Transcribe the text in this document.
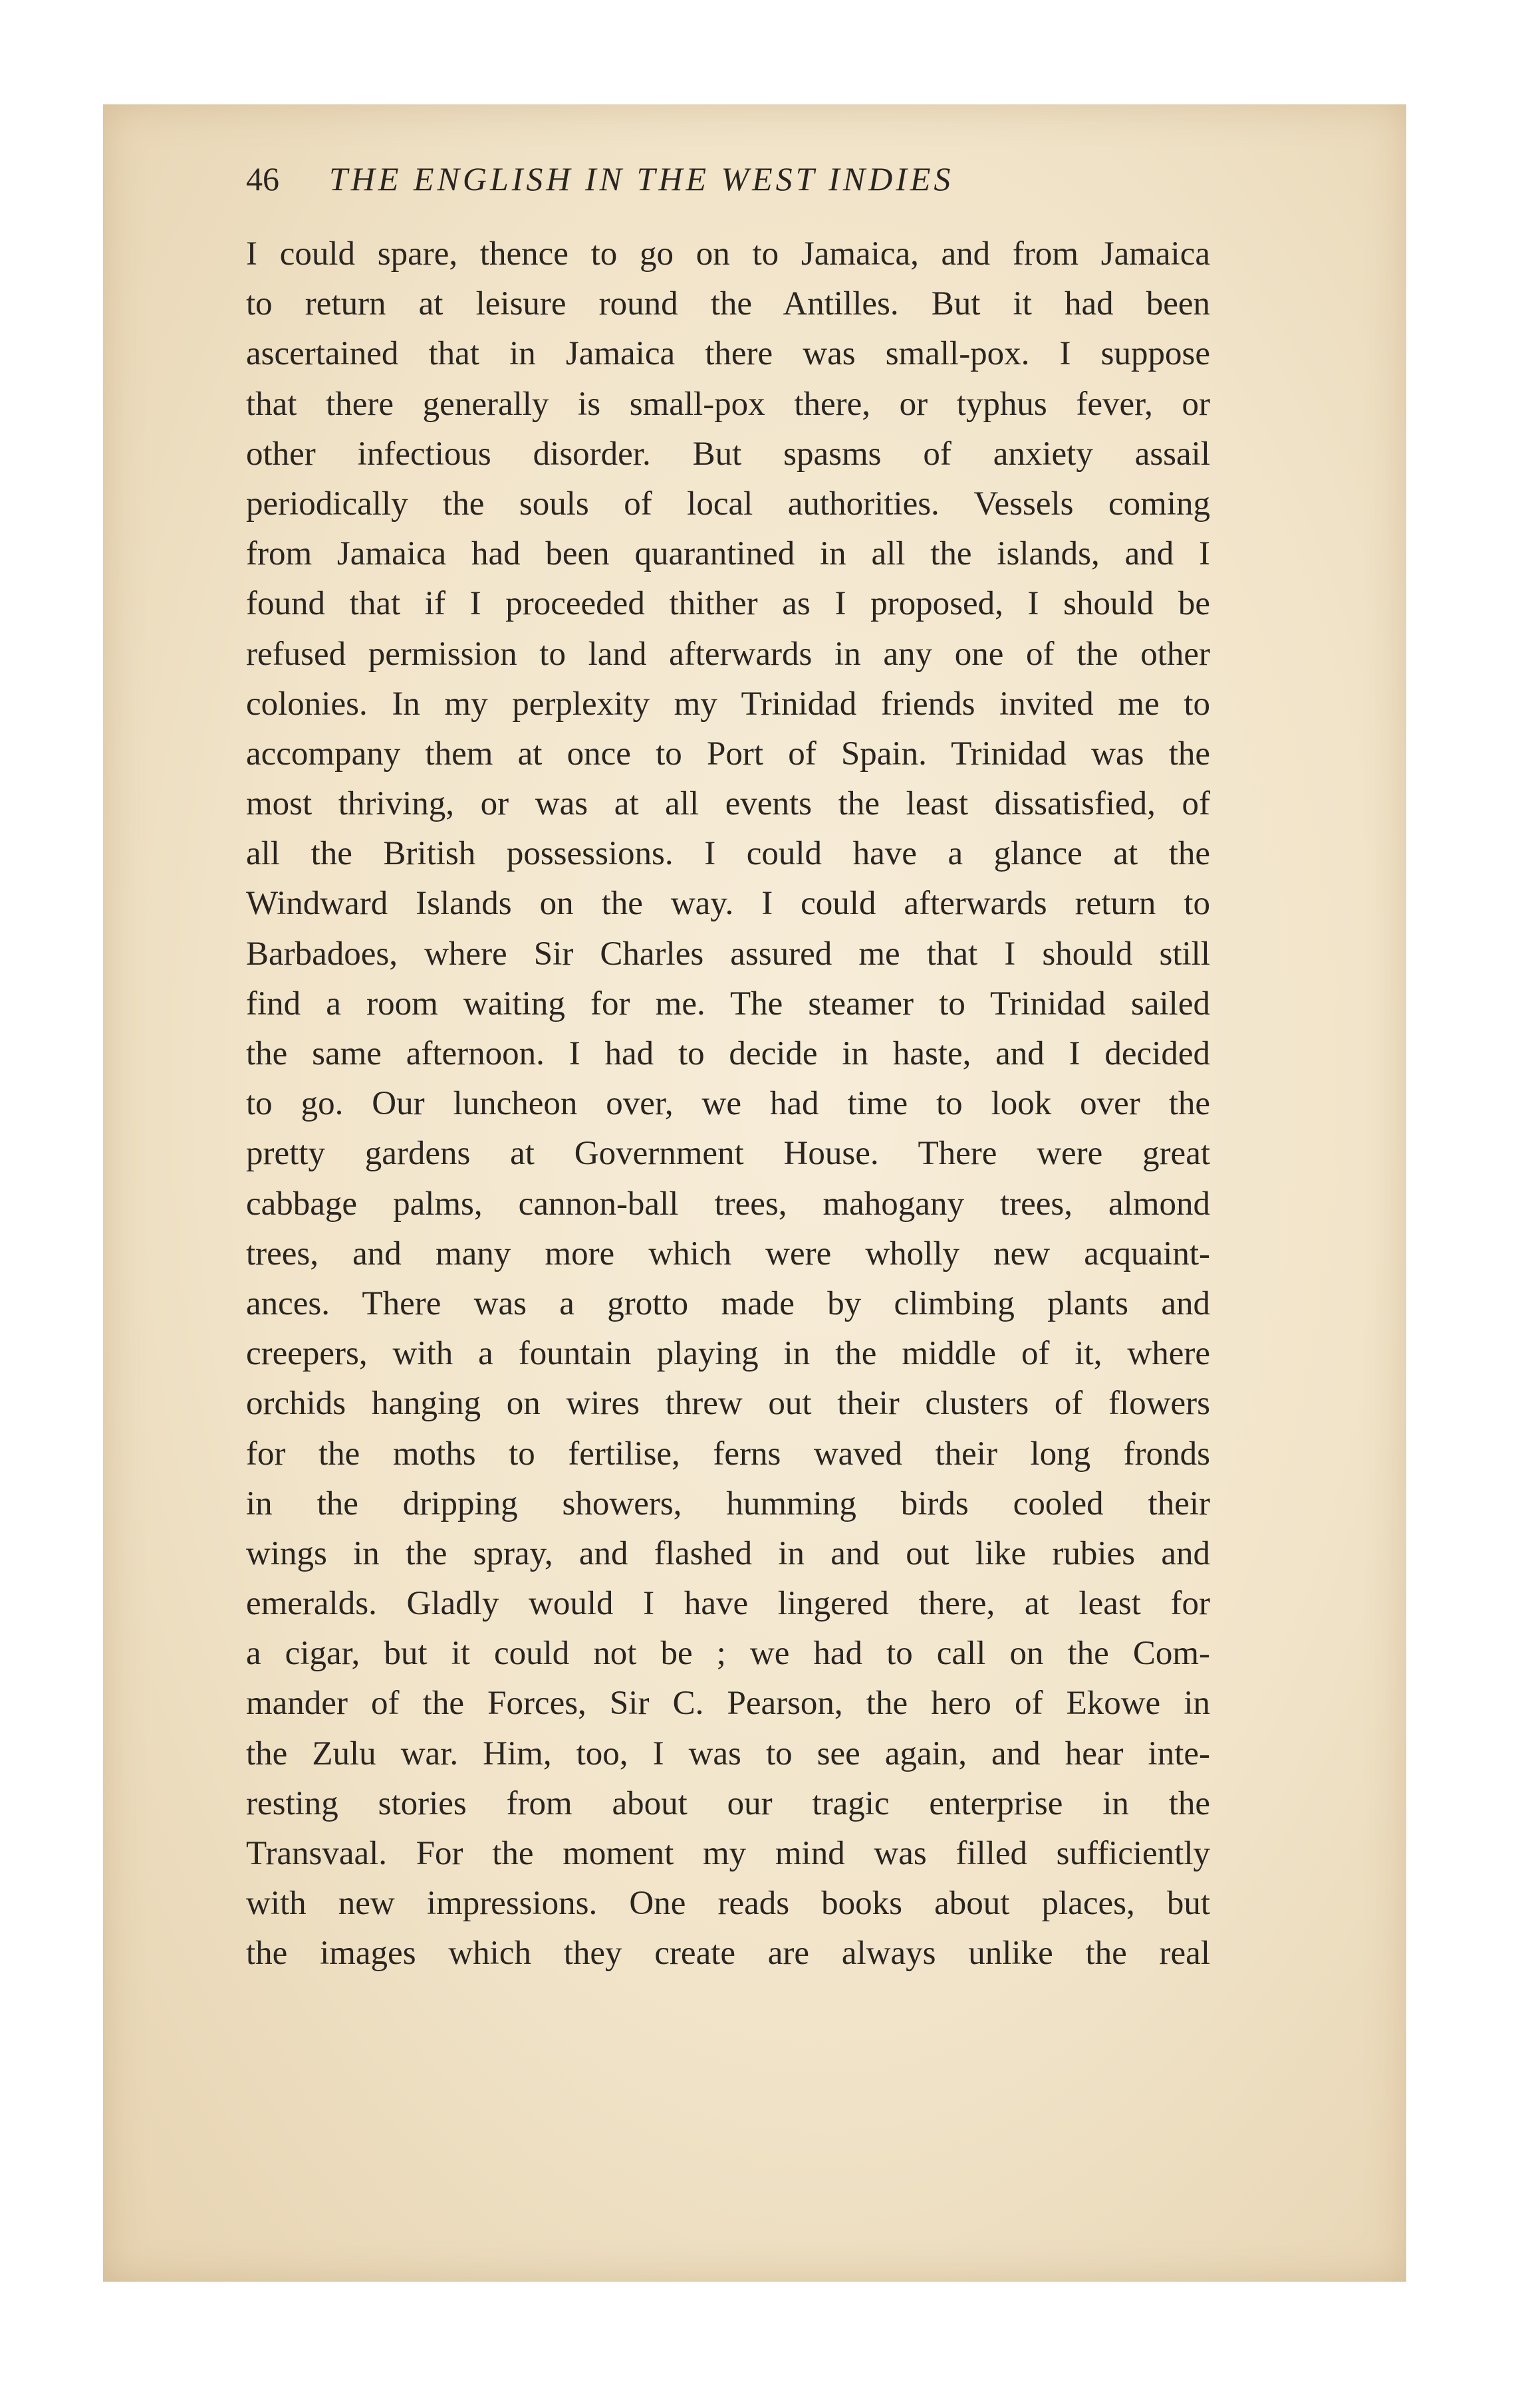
46 THE ENGLISH IN THE WEST INDIES
I could spare, thence to go on to Jamaica, and from Jamaica
to return at leisure round the Antilles. But it had been
ascertained that in Jamaica there was small-pox. I suppose
that there generally is small-pox there, or typhus fever, or
other infectious disorder. But spasms of anxiety assail
periodically the souls of local authorities. Vessels coming
from Jamaica had been quarantined in all the islands, and I
found that if I proceeded thither as I proposed, I should be
refused permission to land afterwards in any one of the other
colonies. In my perplexity my Trinidad friends invited me to
accompany them at once to Port of Spain. Trinidad was the
most thriving, or was at all events the least dissatisfied, of
all the British possessions. I could have a glance at the
Windward Islands on the way. I could afterwards return to
Barbadoes, where Sir Charles assured me that I should still
find a room waiting for me. The steamer to Trinidad sailed
the same afternoon. I had to decide in haste, and I decided
to go. Our luncheon over, we had time to look over the
pretty gardens at Government House. There were great
cabbage palms, cannon-ball trees, mahogany trees, almond
trees, and many more which were wholly new acquaint-
ances. There was a grotto made by climbing plants and
creepers, with a fountain playing in the middle of it, where
orchids hanging on wires threw out their clusters of flowers
for the moths to fertilise, ferns waved their long fronds
in the dripping showers, humming birds cooled their
wings in the spray, and flashed in and out like rubies and
emeralds. Gladly would I have lingered there, at least for
a cigar, but it could not be ; we had to call on the Com-
mander of the Forces, Sir C. Pearson, the hero of Ekowe in
the Zulu war. Him, too, I was to see again, and hear inte-
resting stories from about our tragic enterprise in the
Transvaal. For the moment my mind was filled sufficiently
with new impressions. One reads books about places, but
the images which they create are always unlike the real
